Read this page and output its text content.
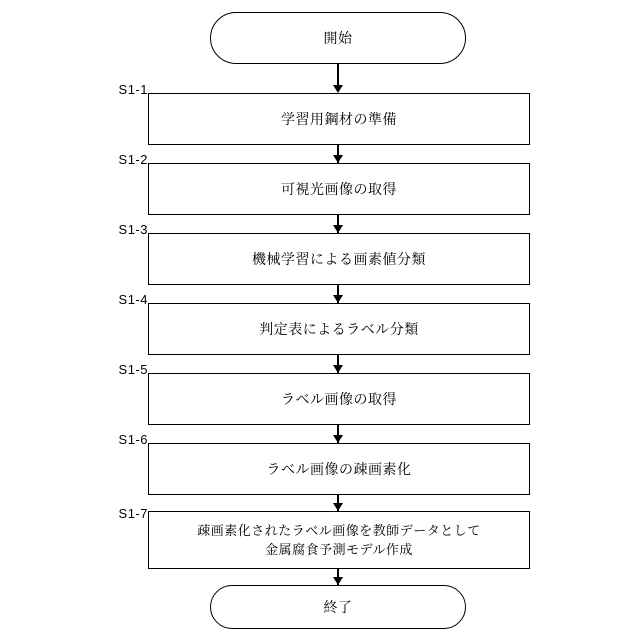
開始
S1-1
学習用鋼材の準備
S1-2
可視光画像の取得
S1-3
機械学習による画素値分類
S1-4
判定表によるラベル分類
S1-5
ラベル画像の取得
S1-6
ラベル画像の疎画素化
S1-7
疎画素化されたラベル画像を教師データとして
金属腐食予測モデル作成
終了
